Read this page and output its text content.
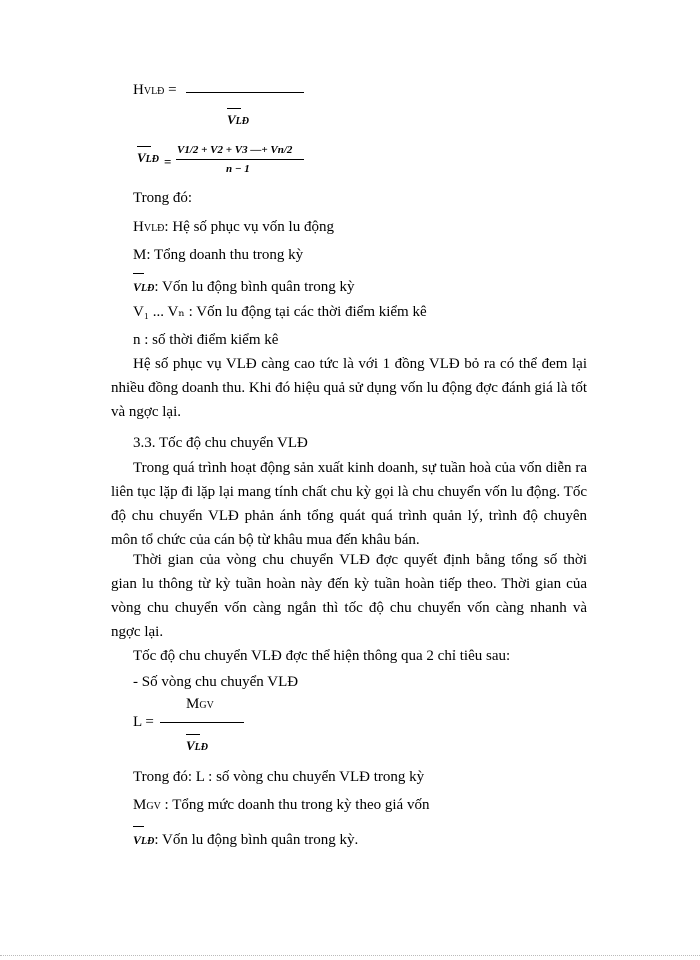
HVLĐ =
VLĐ
VLĐ =
V1/2 + V2 + V3 —+ Vn/2
n − 1
Trong đó:
HVLĐ: Hệ số phục vụ vốn lu động
M: Tổng doanh thu trong kỳ
VLĐ: Vốn lu động bình quân trong kỳ
V₁ ... Vₙ : Vốn lu động tại các thời điểm kiểm kê
n : số thời điểm kiểm kê
Hệ số phục vụ VLĐ càng cao tức là với 1 đồng VLĐ bỏ ra có thể đem lại nhiều đồng doanh thu. Khi đó hiệu quả sử dụng vốn lu động đợc đánh giá là tốt và ngợc lại.
3.3. Tốc độ chu chuyển VLĐ
Trong quá trình hoạt động sản xuất kinh doanh, sự tuần hoà của vốn diễn ra liên tục lặp đi lặp lại mang tính chất chu kỳ gọi là chu chuyển vốn lu động. Tốc độ chu chuyển VLĐ phản ánh tổng quát quá trình quản lý, trình độ chuyên môn tổ chức của cán bộ từ khâu mua đến khâu bán.
Thời gian của vòng chu chuyển VLĐ đợc quyết định bằng tổng số thời gian lu thông từ kỳ tuần hoàn này đến kỳ tuần hoàn tiếp theo. Thời gian của vòng chu chuyển vốn càng ngắn thì tốc độ chu chuyển vốn càng nhanh và ngợc lại.
Tốc độ chu chuyển VLĐ đợc thể hiện thông qua 2 chỉ tiêu sau:
- Số vòng chu chuyển VLĐ
MGV
L =
VLĐ
Trong đó: L : số vòng chu chuyển VLĐ trong kỳ
MGV : Tổng mức doanh thu trong kỳ theo giá vốn
VLĐ: Vốn lu động bình quân trong kỳ.
